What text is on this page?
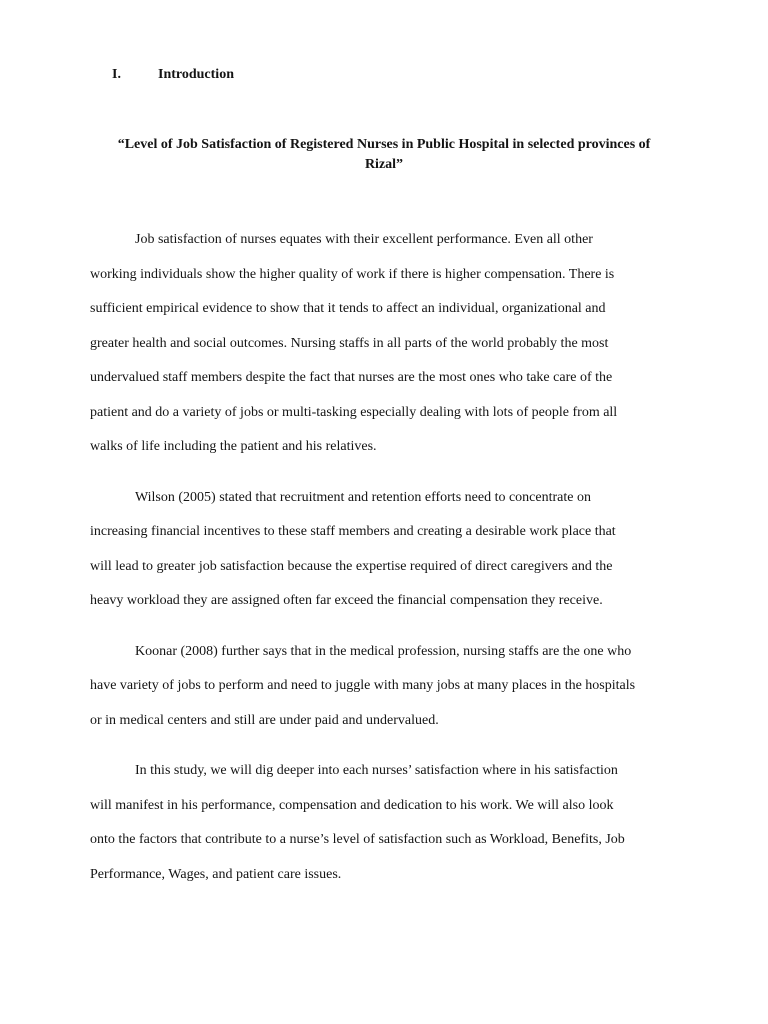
I.	Introduction
“Level of Job Satisfaction of Registered Nurses in Public Hospital in selected provinces of
Rizal”

Job satisfaction of nurses equates with their excellent performance. Even all other
working individuals show the higher quality of work if there is higher compensation. There is
sufficient empirical evidence to show that it tends to affect an individual, organizational and
greater health and social outcomes. Nursing staffs in all parts of the world probably the most
undervalued staff members despite the fact that nurses are the most ones who take care of the
patient and do a variety of jobs or multi-tasking especially dealing with lots of people from all
walks of life including the patient and his relatives.

Wilson (2005) stated that recruitment and retention efforts need to concentrate on
increasing financial incentives to these staff members and creating a desirable work place that
will lead to greater job satisfaction because the expertise required of direct caregivers and the
heavy workload they are assigned often far exceed the financial compensation they receive.

Koonar (2008) further says that in the medical profession, nursing staffs are the one who
have variety of jobs to perform and need to juggle with many jobs at many places in the hospitals
or in medical centers and still are under paid and undervalued.

In this study, we will dig deeper into each nurses’ satisfaction where in his satisfaction
will manifest in his performance, compensation and dedication to his work. We will also look
onto the factors that contribute to a nurse’s level of satisfaction such as Workload, Benefits, Job
Performance, Wages, and patient care issues.
